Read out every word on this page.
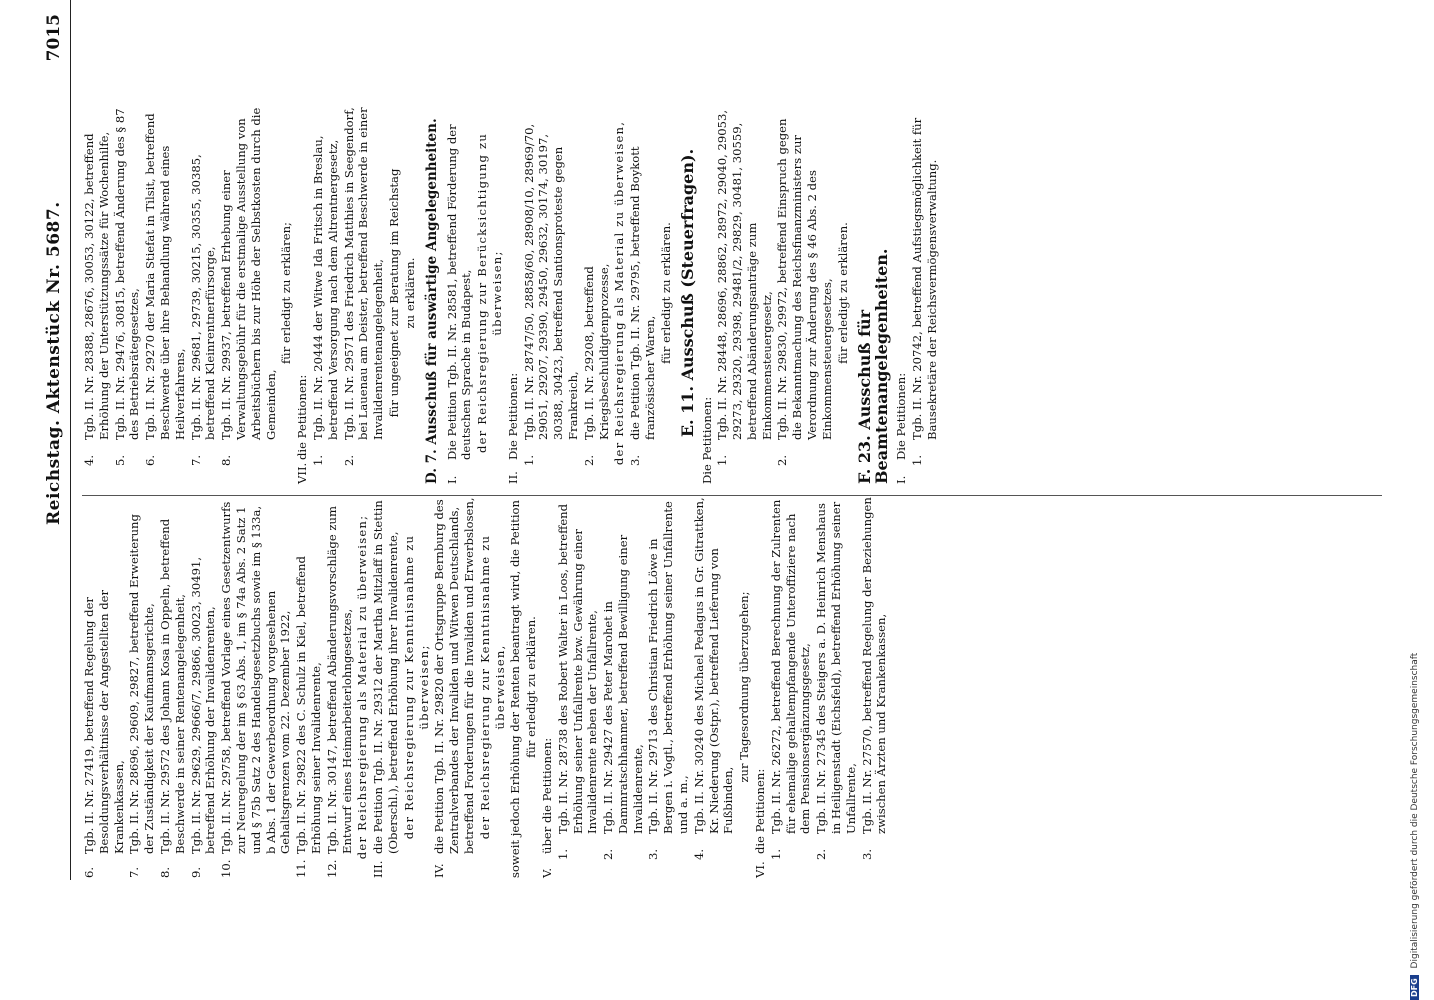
Reichstag. Aktenstück Nr. 5687.
7015
6.
Tgb. II. Nr. 27419, betreffend Regelung der Besoldungsverhältnisse der Angestellten der Krankenkassen,
7.
Tgb. II. Nr. 28696, 29609, 29827, betreffend Erweiterung der Zuständigkeit der Kaufmannsgerichte,
8.
Tgb. II. Nr. 29572 des Johann Kosa in Oppeln, betreffend Beschwerde in seiner Rentenangelegenheit,
9.
Tgb. II. Nr. 29629, 29666/7, 29866, 30023, 30491, betreffend Erhöhung der Invalidenrenten,
10.
Tgb. II. Nr. 29758, betreffend Vorlage eines Gesetzentwurfs zur Neuregelung der im § 63 Abs. 1, im § 74a Abs. 2 Satz 1 und § 75b Satz 2 des Handelsgesetzbuchs sowie im § 133a, b Abs. 1 der Gewerbeordnung vorgesehenen Gehaltsgrenzen vom 22. Dezember 1922,
11.
Tgb. II. Nr. 29822 des C. Schulz in Kiel, betreffend Erhöhung seiner Invalidenrente,
12.
Tgb. II. Nr. 30147, betreffend Abänderungsvorschläge zum Entwurf eines Heimarbeiterlohngesetzes, der Reichsregierung als Material zu überweisen;
III.
die Petition Tgb. II. Nr. 29312 der Martha Mitzlaff in Stettin (Oberschl.), betreffend Erhöhung ihrer Invalidenrente, der Reichsregierung zur Kenntnisnahme zu überweisen;
IV.
die Petition Tgb. II. Nr. 29820 der Ortsgruppe Bernburg des Zentralverbandes der Invaliden und Witwen Deutschlands, betreffend Forderungen für die Invaliden und Erwerbslosen, der Reichsregierung zur Kenntnisnahme zu überweisen, soweit jedoch Erhöhung der Renten beantragt wird, die Petition für erledigt zu erklären.
V.
über die Petitionen:
1.
Tgb. II. Nr. 28738 des Robert Walter in Loos, betreffend Erhöhung seiner Unfallrente bzw. Gewährung einer Invalidenrente neben der Unfallrente,
2.
Tgb. II. Nr. 29427 des Peter Marohet in Dammratschhammer, betreffend Bewilligung einer Invalidenrente,
3.
Tgb. II. Nr. 29713 des Christian Friedrich Löwe in Bergen i. Vogtl., betreffend Erhöhung seiner Unfallrente und a. m.,
4.
Tgb. II. Nr. 30240 des Michael Pedagus in Gr. Gitrattken, Kr. Niederung (Ostpr.), betreffend Lieferung von Fußbinden,
zur Tagesordnung überzugehen;
VI.
die Petitionen:
1.
Tgb. II. Nr. 26272, betreffend Berechnung der Zulrenten für ehemalige gehaltempfangende Unteroffiziere nach dem Pensionsergänzungsgesetz,
2.
Tgb. II. Nr. 27345 des Steigers a. D. Heinrich Menshaus in Heiligenstadt (Eichsfeld), betreffend Erhöhung seiner Unfallrente,
3.
Tgb. II. Nr. 27570, betreffend Regelung der Beziehungen zwischen Ärzten und Krankenkassen,
4.
Tgb. II. Nr. 28388, 28676, 30053, 30122, betreffend Erhöhung der Unterstützungssätze für Wochenhilfe,
5.
Tgb. II. Nr. 29476, 30815, betreffend Änderung des § 87 des Betriebsrätegesetzes,
6.
Tgb. II. Nr. 29270 der Maria Stiefat in Tilsit, betreffend Beschwerde über ihre Behandlung während eines Heilverfahrens,
7.
Tgb. II. Nr. 29681, 29739, 30215, 30355, 30385, betreffend Kleinrentnerfürsorge,
8.
Tgb. II. Nr. 29937, betreffend Erhebung einer Verwaltungsgebühr für die erstmalige Ausstellung von Arbeitsbüchern bis zur Höhe der Selbstkosten durch die Gemeinden,
für erledigt zu erklären;
VII.
die Petitionen:
1.
Tgb. II. Nr. 20444 der Witwe Ida Fritsch in Breslau, betreffend Versorgung nach dem Altrentnergesetz,
2.
Tgb. II. Nr. 29571 des Friedrich Matthies in Seegendorf, bei Lauenau am Deister, betreffend Beschwerde in einer Invalidenrentenangelegenheit, für ungeeignet zur Beratung im Reichstag zu erklären. D. 7. Ausschuß für auswärtige Angelegenheiten. I.
Die Petition Tgb. II. Nr. 28581, betreffend Förderung der deutschen Sprache in Budapest, der Reichsregierung zur Berücksichtigung zu überweisen;
II.
Die Petitionen:
1.
Tgb. II. Nr. 28747/50, 28858/60, 28908/10, 28969/70, 29051, 29207, 29390, 29450, 29632, 30174, 30197, 30388, 30423, betreffend Santionsproteste gegen Frankreich,
2.
Tgb. II. Nr. 29208, betreffend Kriegsbeschuldigtenprozesse, der Reichsregierung als Material zu überweisen, 3.
die Petition Tgb. II. Nr. 29795, betreffend Boykott französischer Waren,
für erledigt zu erklären. E. 11. Ausschuß (Steuerfragen).
Die Petitionen: 1.
Tgb. II. Nr. 28448, 28696, 28862, 28972, 29040, 29053, 29273, 29320, 29398, 29481/2, 29829, 30481, 30559, betreffend Abänderungsanträge zum Einkommensteuergesetz,
2.
Tgb. II. Nr. 29830, 29972, betreffend Einspruch gegen die Bekanntmachung des Reichsfinanzministers zur Verordnung zur Änderung des § 46 Abs. 2 des Einkommensteuergesetzes, für erledigt zu erklären.
F. 23. Ausschuß für Beamtenangelegenheiten. I.
Die Petitionen:
1.
Tgb. II. Nr. 20742, betreffend Aufstiegsmöglichkeit für Bausekretäre der Reichsvermögensverwaltung.
DFG Digitalisierung gefördert durch die Deutsche Forschungsgemeinschaft
